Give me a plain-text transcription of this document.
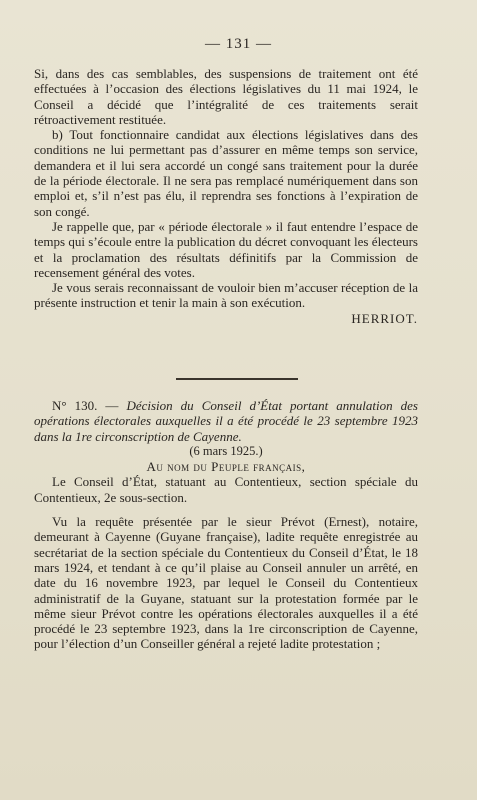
— 131 —

Si, dans des cas semblables, des suspensions de traitement ont été effectuées à l’occasion des élections législatives du 11 mai 1924, le Conseil a décidé que l’intégralité de ces traitements serait rétroactivement restituée.

b) Tout fonctionnaire candidat aux élections législatives dans des conditions ne lui permettant pas d’assurer en même temps son service, demandera et il lui sera accordé un congé sans traitement pour la durée de la période électorale. Il ne sera pas remplacé numériquement dans son emploi et, s’il n’est pas élu, il reprendra ses fonctions à l’expiration de son congé.

Je rappelle que, par « période électorale » il faut entendre l’espace de temps qui s’écoule entre la publication du décret convoquant les électeurs et la proclamation des résultats définitifs par la Commission de recensement général des votes.

Je vous serais reconnaissant de vouloir bien m’accuser réception de la présente instruction et tenir la main à son exécution.

HERRIOT.

N° 130. — Décision du Conseil d’État portant annulation des opérations électorales auxquelles il a été procédé le 23 septembre 1923 dans la 1re circonscription de Cayenne.

(6 mars 1925.)

Au nom du Peuple français,

Le Conseil d’État, statuant au Contentieux, section spéciale du Contentieux, 2e sous-section.

Vu la requête présentée par le sieur Prévot (Ernest), notaire, demeurant à Cayenne (Guyane française), ladite requête enregistrée au secrétariat de la section spéciale du Contentieux du Conseil d’État, le 18 mars 1924, et tendant à ce qu’il plaise au Conseil annuler un arrêté, en date du 16 novembre 1923, par lequel le Conseil du Contentieux administratif de la Guyane, statuant sur la protestation formée par le même sieur Prévot contre les opérations électorales auxquelles il a été procédé le 23 septembre 1923, dans la 1re circonscription de Cayenne, pour l’élection d’un Conseiller général a rejeté ladite protestation ;
